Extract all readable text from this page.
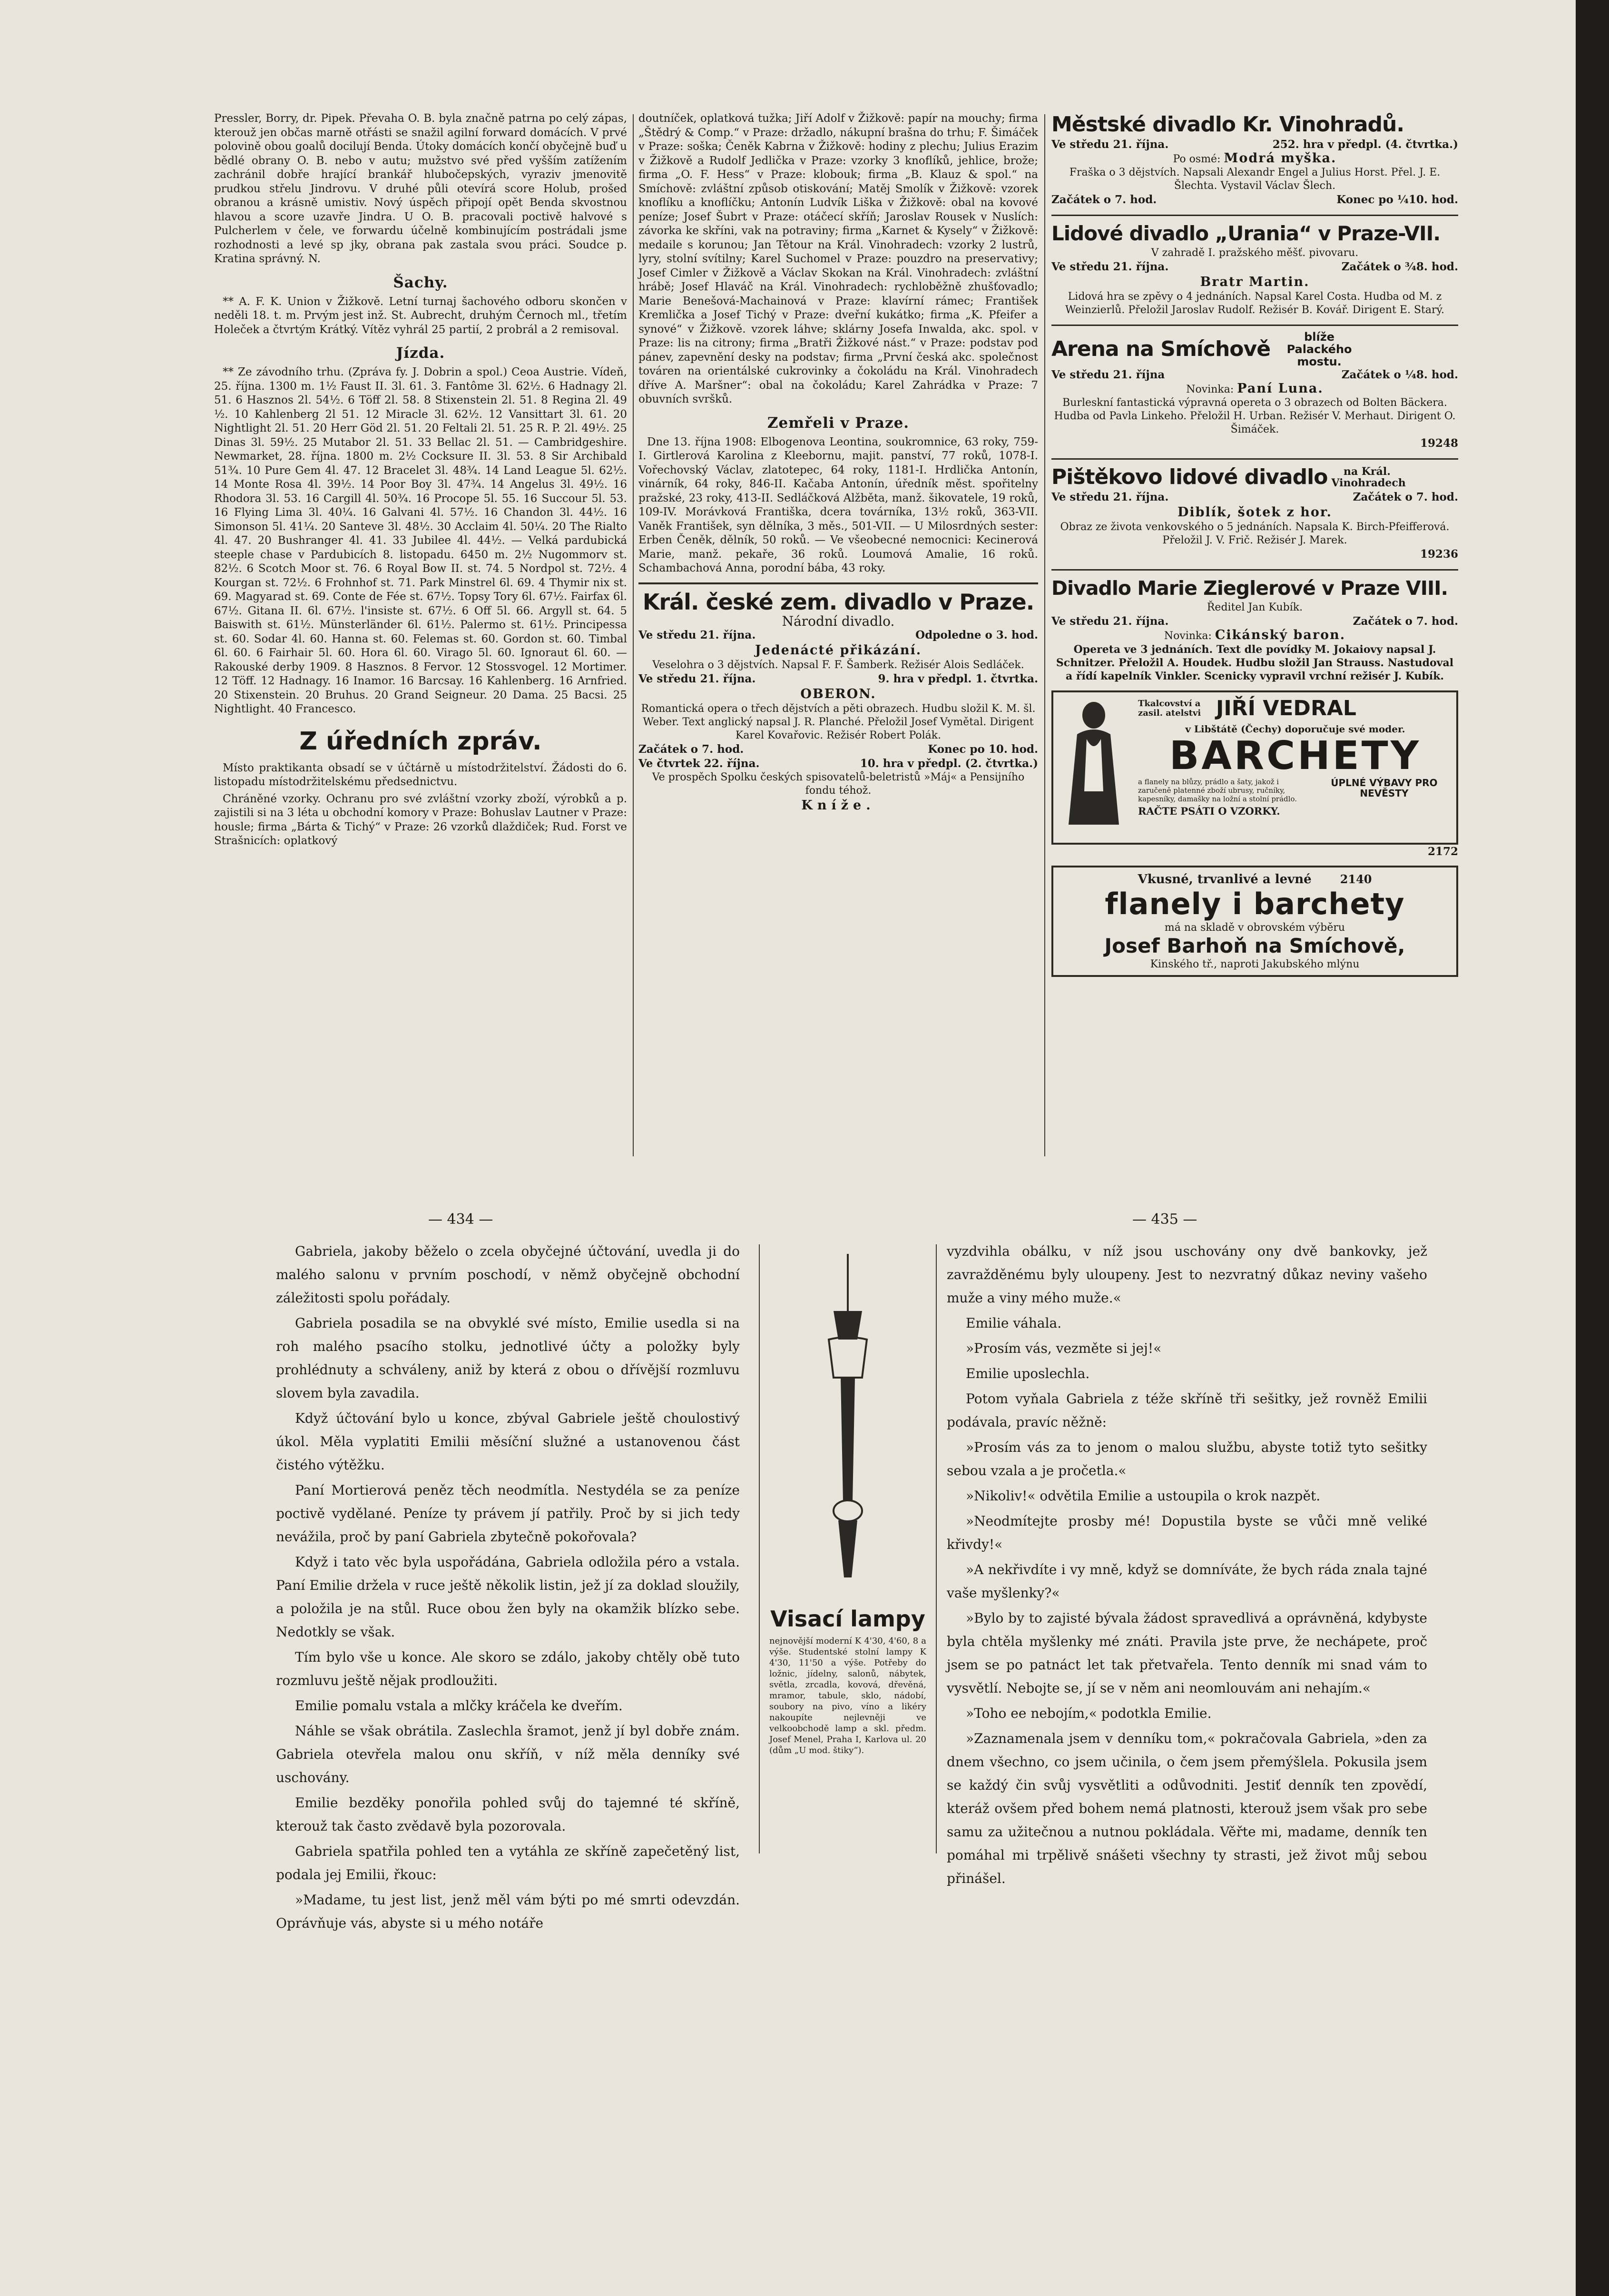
Pressler, Borry, dr. Pipek. Převaha O. B. byla značně patrna po celý zápas, kterouž jen občas marně otřásti se snažil agilní forward domácích. V prvé polovině obou goalů docilují Benda. Útoky domácích končí obyčejně buď u bědlé obrany O. B. nebo v autu; mužstvo své před vyšším zatížením zachránil dobře hrající brankář hlubočepských, vyraziv jmenovitě prudkou střelu Jindrovu. V druhé půli otevírá score Holub, prošed obranou a krásně umistiv. Nový úspěch připojí opět Benda skvostnou hlavou a score uzavře Jindra. U O. B. pracovali poctivě halvové s Pulcherlem v čele, ve forwardu účelně kombinujícím postrádali jsme rozhodnosti a levé sp jky, obrana pak zastala svou práci. Soudce p. Kratina správný. N.

Šachy.

** A. F. K. Union v Žižkově. Letní turnaj šachového odboru skončen v neděli 18. t. m. Prvým jest inž. St. Aubrecht, druhým Černoch ml., třetím Holeček a čtvrtým Krátký. Vítěz vyhrál 25 partií, 2 probrál a 2 remisoval.

Jízda.

** Ze závodního trhu. (Zpráva fy. J. Dobrin a spol.) Ceoa Austrie. Vídeň, 25. října. 1300 m. 1½ Faust II. 3l. 61. 3. Fantôme 3l. 62½. 6 Hadnagy 2l. 51. 6 Hasznos 2l. 54½. 6 Töff 2l. 58. 8 Stixenstein 2l. 51. 8 Regina 2l. 49 ½. 10 Kahlenberg 2l 51. 12 Miracle 3l. 62½. 12 Vansittart 3l. 61. 20 Nightlight 2l. 51. 20 Herr Göd 2l. 51. 20 Feltali 2l. 51. 25 R. P. 2l. 49½. 25 Dinas 3l. 59½. 25 Mutabor 2l. 51. 33 Bellac 2l. 51. — Cambridgeshire. Newmarket, 28. října. 1800 m. 2½ Cocksure II. 3l. 53. 8 Sir Archibald 51¾. 10 Pure Gem 4l. 47. 12 Bracelet 3l. 48¾. 14 Land League 5l. 62½. 14 Monte Rosa 4l. 39½. 14 Poor Boy 3l. 47¾. 14 Angelus 3l. 49½. 16 Rhodora 3l. 53. 16 Cargill 4l. 50¾. 16 Procope 5l. 55. 16 Succour 5l. 53. 16 Flying Lima 3l. 40¼. 16 Galvani 4l. 57½. 16 Chandon 3l. 44½. 16 Simonson 5l. 41¼. 20 Santeve 3l. 48½. 30 Acclaim 4l. 50¼. 20 The Rialto 4l. 47. 20 Bushranger 4l. 41. 33 Jubilee 4l. 44½. — Velká pardubická steeple chase v Pardubicích 8. listopadu. 6450 m. 2½ Nugommorv st. 82½. 6 Scotch Moor st. 76. 6 Royal Bow II. st. 74. 5 Nordpol st. 72½. 4 Kourgan st. 72½. 6 Frohnhof st. 71. Park Minstrel 6l. 69. 4 Thymir nix st. 69. Magyarad st. 69. Conte de Fée st. 67½. Topsy Tory 6l. 67½. Fairfax 6l. 67½. Gitana II. 6l. 67½. l'insiste st. 67½. 6 Off 5l. 66. Argyll st. 64. 5 Baiswith st. 61½. Münsterländer 6l. 61½. Palermo st. 61½. Principessa st. 60. Sodar 4l. 60. Hanna st. 60. Felemas st. 60. Gordon st. 60. Timbal 6l. 60. 6 Fairhair 5l. 60. Hora 6l. 60. Virago 5l. 60. Ignoraut 6l. 60. — Rakouské derby 1909. 8 Hasznos. 8 Fervor. 12 Stossvogel. 12 Mortimer. 12 Töff. 12 Hadnagy. 16 Inamor. 16 Barcsay. 16 Kahlenberg. 16 Arnfried. 20 Stixenstein. 20 Bruhus. 20 Grand Seigneur. 20 Dama. 25 Bacsi. 25 Nightlight. 40 Francesco.

Z úředních zpráv.

Místo praktikanta obsadí se v účtárně u místodržitelství. Žádosti do 6. listopadu místodržitelskému předsednictvu.

Chráněné vzorky. Ochranu pro své zvláštní vzorky zboží, výrobků a p. zajistili si na 3 léta u obchodní komory v Praze: Bohuslav Lautner v Praze: housle; firma „Bárta & Tichý“ v Praze: 26 vzorků dlaždiček; Rud. Forst ve Strašnicích: oplatkový

doutníček, oplatková tužka; Jiří Adolf v Žižkově: papír na mouchy; firma „Štědrý & Comp.“ v Praze: držadlo, nákupní brašna do trhu; F. Šimáček v Praze: soška; Čeněk Kabrna v Žižkově: hodiny z plechu; Julius Erazim v Žižkově a Rudolf Jedlička v Praze: vzorky 3 knoflíků, jehlice, brože; firma „O. F. Hess“ v Praze: klobouk; firma „B. Klauz & spol.“ na Smíchově: zvláštní způsob otiskování; Matěj Smolík v Žižkově: vzorek knoflíku a knoflíčku; Antonín Ludvík Liška v Žižkově: obal na kovové peníze; Josef Šubrt v Praze: otáčecí skříň; Jaroslav Rousek v Nuslích: závorka ke skříni, vak na potraviny; firma „Karnet & Kysely“ v Žižkově: medaile s korunou; Jan Tětour na Král. Vinohradech: vzorky 2 lustrů, lyry, stolní svítilny; Karel Suchomel v Praze: pouzdro na preservativy; Josef Cimler v Žižkově a Václav Skokan na Král. Vinohradech: zvláštní hrábě; Josef Hlaváč na Král. Vinohradech: rychloběžně zhušťovadlo; Marie Benešová-Machainová v Praze: klavírní rámec; František Kremlička a Josef Tichý v Praze: dveřní kukátko; firma „K. Pfeifer a synové“ v Žižkově. vzorek láhve; sklárny Josefa Inwalda, akc. spol. v Praze: lis na citrony; firma „Bratři Žižkové nást.“ v Praze: podstav pod pánev, zapevnění desky na podstav; firma „První česká akc. společnost továren na orientálské cukrovinky a čokoládu na Král. Vinohradech dříve A. Maršner“: obal na čokoládu; Karel Zahrádka v Praze: 7 obuvních svršků.

Zemřeli v Praze.

Dne 13. října 1908: Elbogenova Leontina, soukromnice, 63 roky, 759-I. Girtlerová Karolina z Kleebornu, majit. panství, 77 roků, 1078-I. Vořechovský Václav, zlatotepec, 64 roky, 1181-I. Hrdlička Antonín, vinárník, 64 roky, 846-II. Kačaba Antonín, úředník měst. spořitelny pražské, 23 roky, 413-II. Sedláčková Alžběta, manž. šikovatele, 19 roků, 109-IV. Morávková Františka, dcera továrníka, 13½ roků, 363-VII. Vaněk František, syn dělníka, 3 měs., 501-VII. — U Milosrdných sester: Erben Čeněk, dělník, 50 roků. — Ve všeobecné nemocnici: Kecinerová Marie, manž. pekaře, 36 roků. Loumová Amalie, 16 roků. Schambachová Anna, porodní bába, 43 roky.

Král. české zem. divadlo v Praze.
Národní divadlo.
Ve středu 21. října.	Odpoledne o 3. hod.
Jedenácté přikázání.
Veselohra o 3 dějstvích. Napsal F. F. Šamberk. Režisér Alois Sedláček.
Ve středu 21. října.	9. hra v předpl. 1. čtvrtka.
OBERON.
Romantická opera o třech dějstvích a pěti obrazech. Hudbu složil K. M. šl. Weber. Text anglický napsal J. R. Planché. Přeložil Josef Vymětal. Dirigent Karel Kovařovic. Režisér Robert Polák.
Začátek o 7. hod.	Konec po 10. hod.
Ve čtvrtek 22. října.	10. hra v předpl. (2. čtvrtka.)
Ve prospěch Spolku českých spisovatelů-beletristů »Máj« a Pensijního fondu téhož.
Kníže.
Městské divadlo Kr. Vinohradů.
Ve středu 21. října.	252. hra v předpl. (4. čtvrtka.)
Po osmé: Modrá myška.
Fraška o 3 dějstvích. Napsali Alexandr Engel a Julius Horst. Přel. J. E. Šlechta. Vystavil Václav Šlech.
Začátek o 7. hod.	Konec po ¼10. hod.
Lidové divadlo „Urania“ v Praze-VII.
V zahradě I. pražského měšť. pivovaru.
Ve středu 21. října.	Začátek o ¾8. hod.
Bratr Martin.
Lidová hra se zpěvy o 4 jednáních. Napsal Karel Costa. Hudba od M. z Weinzierlů. Přeložil Jaroslav Rudolf. Režisér B. Kovář. Dirigent E. Starý.
Arena na Smíchově	blíže Palackého mostu.
Ve středu 21. října	Začátek o ¼8. hod.
Novinka: Paní Luna.
Burleskní fantastická výpravná opereta o 3 obrazech od Bolten Bäckera. Hudba od Pavla Linkeho. Přeložil H. Urban. Režisér V. Merhaut. Dirigent O. Šimáček.
19248
Pištěkovo lidové divadlo	na Král. Vinohradech
Ve středu 21. října.	Začátek o 7. hod.
Diblík, šotek z hor.
Obraz ze života venkovského o 5 jednáních. Napsala K. Birch-Pfeifferová. Přeložil J. V. Frič. Režisér J. Marek.
19236
Divadlo Marie Zieglerové v Praze VIII.
Ředitel Jan Kubík.
Ve středu 21. října.	Začátek o 7. hod.
Novinka: Cikánský baron.
Opereta ve 3 jednáních. Text dle povídky M. Jokaiovy napsal J. Schnitzer. Přeložil A. Houdek. Hudbu složil Jan Strauss. Nastudoval a řídí kapelník Vinkler. Scenicky vypravil vrchní režisér J. Kubík.
Tkalcovství a zasil. atelstvi JIŘÍ VEDRAL
v Libštátě (Čechy) doporučuje své moder.
BARCHETY
a flanely na blůzy, prádlo a šaty, jakož i zaručeně platenné zboží ubrusy, ručníky, kapesníky, damašky na ložní a stolní prádlo.
ÚPLNÉ VÝBAVY PRO NEVĚSTY
RAČTE PSÁTI O VZORKY.
2172
Vkusné, trvanlivé a levné	2140
flanely i barchety
má na skladě v obrovském výběru
Josef Barhoň na Smíchově,
Kinského tř., naproti Jakubského mlýnu
— 434 —	— 435 —

Gabriela, jakoby běželo o zcela obyčejné účtování, uvedla ji do malého salonu v prvním poschodí, v němž obyčejně obchodní záležitosti spolu pořádaly.

Gabriela posadila se na obvyklé své místo, Emilie usedla si na roh malého psacího stolku, jednotlivé účty a položky byly prohlédnuty a schváleny, aniž by která z obou o dřívější rozmluvu slovem byla zavadila.

Když účtování bylo u konce, zbýval Gabriele ještě choulostivý úkol. Měla vyplatiti Emilii měsíční služné a ustanovenou část čistého výtěžku.

Paní Mortierová peněz těch neodmítla. Nestydéla se za peníze poctivě vydělané. Peníze ty právem jí patřily. Proč by si jich tedy nevážila, proč by paní Gabriela zbytečně pokořovala?

Když i tato věc byla uspořádána, Gabriela odložila péro a vstala. Paní Emilie držela v ruce ještě několik listin, jež jí za doklad sloužily, a položila je na stůl. Ruce obou žen byly na okamžik blízko sebe. Nedotkly se však.

Tím bylo vše u konce. Ale skoro se zdálo, jakoby chtěly obě tuto rozmluvu ještě nějak prodloužiti.

Emilie pomalu vstala a mlčky kráčela ke dveřím.

Náhle se však obrátila. Zaslechla šramot, jenž jí byl dobře znám. Gabriela otevřela malou onu skříň, v níž měla denníky své uschovány.

Emilie bezděky ponořila pohled svůj do tajemné té skříně, kterouž tak často zvědavě byla pozorovala.

Gabriela spatřila pohled ten a vytáhla ze skříně zapečetěný list, podala jej Emilii, řkouc:

»Madame, tu jest list, jenž měl vám býti po mé smrti odevzdán. Oprávňuje vás, abyste si u mého notáře

vyzdvihla obálku, v níž jsou uschovány ony dvě bankovky, jež zavražděnému byly uloupeny. Jest to nezvratný důkaz neviny vašeho muže a viny mého muže.«

Emilie váhala.

»Prosím vás, vezměte si jej!«

Emilie uposlechla.

Potom vyňala Gabriela z téže skříně tři sešitky, jež rovněž Emilii podávala, pravíc něžně:

»Prosím vás za to jenom o malou službu, abyste totiž tyto sešitky sebou vzala a je pročetla.«

»Nikoliv!« odvětila Emilie a ustoupila o krok nazpět.

»Neodmítejte prosby mé! Dopustila byste se vůči mně veliké křivdy!«

»A nekřivdíte i vy mně, když se domníváte, že bych ráda znala tajné vaše myšlenky?«

»Bylo by to zajisté bývala žádost spravedlivá a oprávněná, kdybyste byla chtěla myšlenky mé znáti. Pravila jste prve, že nechápete, proč jsem se po patnáct let tak přetvařela. Tento denník mi snad vám to vysvětlí. Nebojte se, jí se v něm ani neomlouvám ani nehajím.«

»Toho ee nebojím,« podotkla Emilie.

»Zaznamenala jsem v denníku tom,« pokračovala Gabriela, »den za dnem všechno, co jsem učinila, o čem jsem přemýšlela. Pokusila jsem se každý čin svůj vysvětliti a odůvodniti. Jestiť denník ten zpovědí, kteráž ovšem před bohem nemá platnosti, kterouž jsem však pro sebe samu za užitečnou a nutnou pokládala. Věřte mi, madame, denník ten pomáhal mi trpělivě snášeti všechny ty strasti, jež život můj sebou přinášel.

Visací lampy
nejnovější moderní K 4'30, 4'60, 8 a výše. Studentské stolní lampy K 4'30, 11'50 a výše. Potřeby do ložnic, jídelny, salonů, nábytek, světla, zrcadla, kovová, dřevěná, mramor, tabule, sklo, nádobí, soubory na pivo, víno a likéry nakoupíte nejlevněji ve velkoobchodě lamp a skl. předm. Josef Menel, Praha I, Karlova ul. 20 (dům „U mod. štiky“).
